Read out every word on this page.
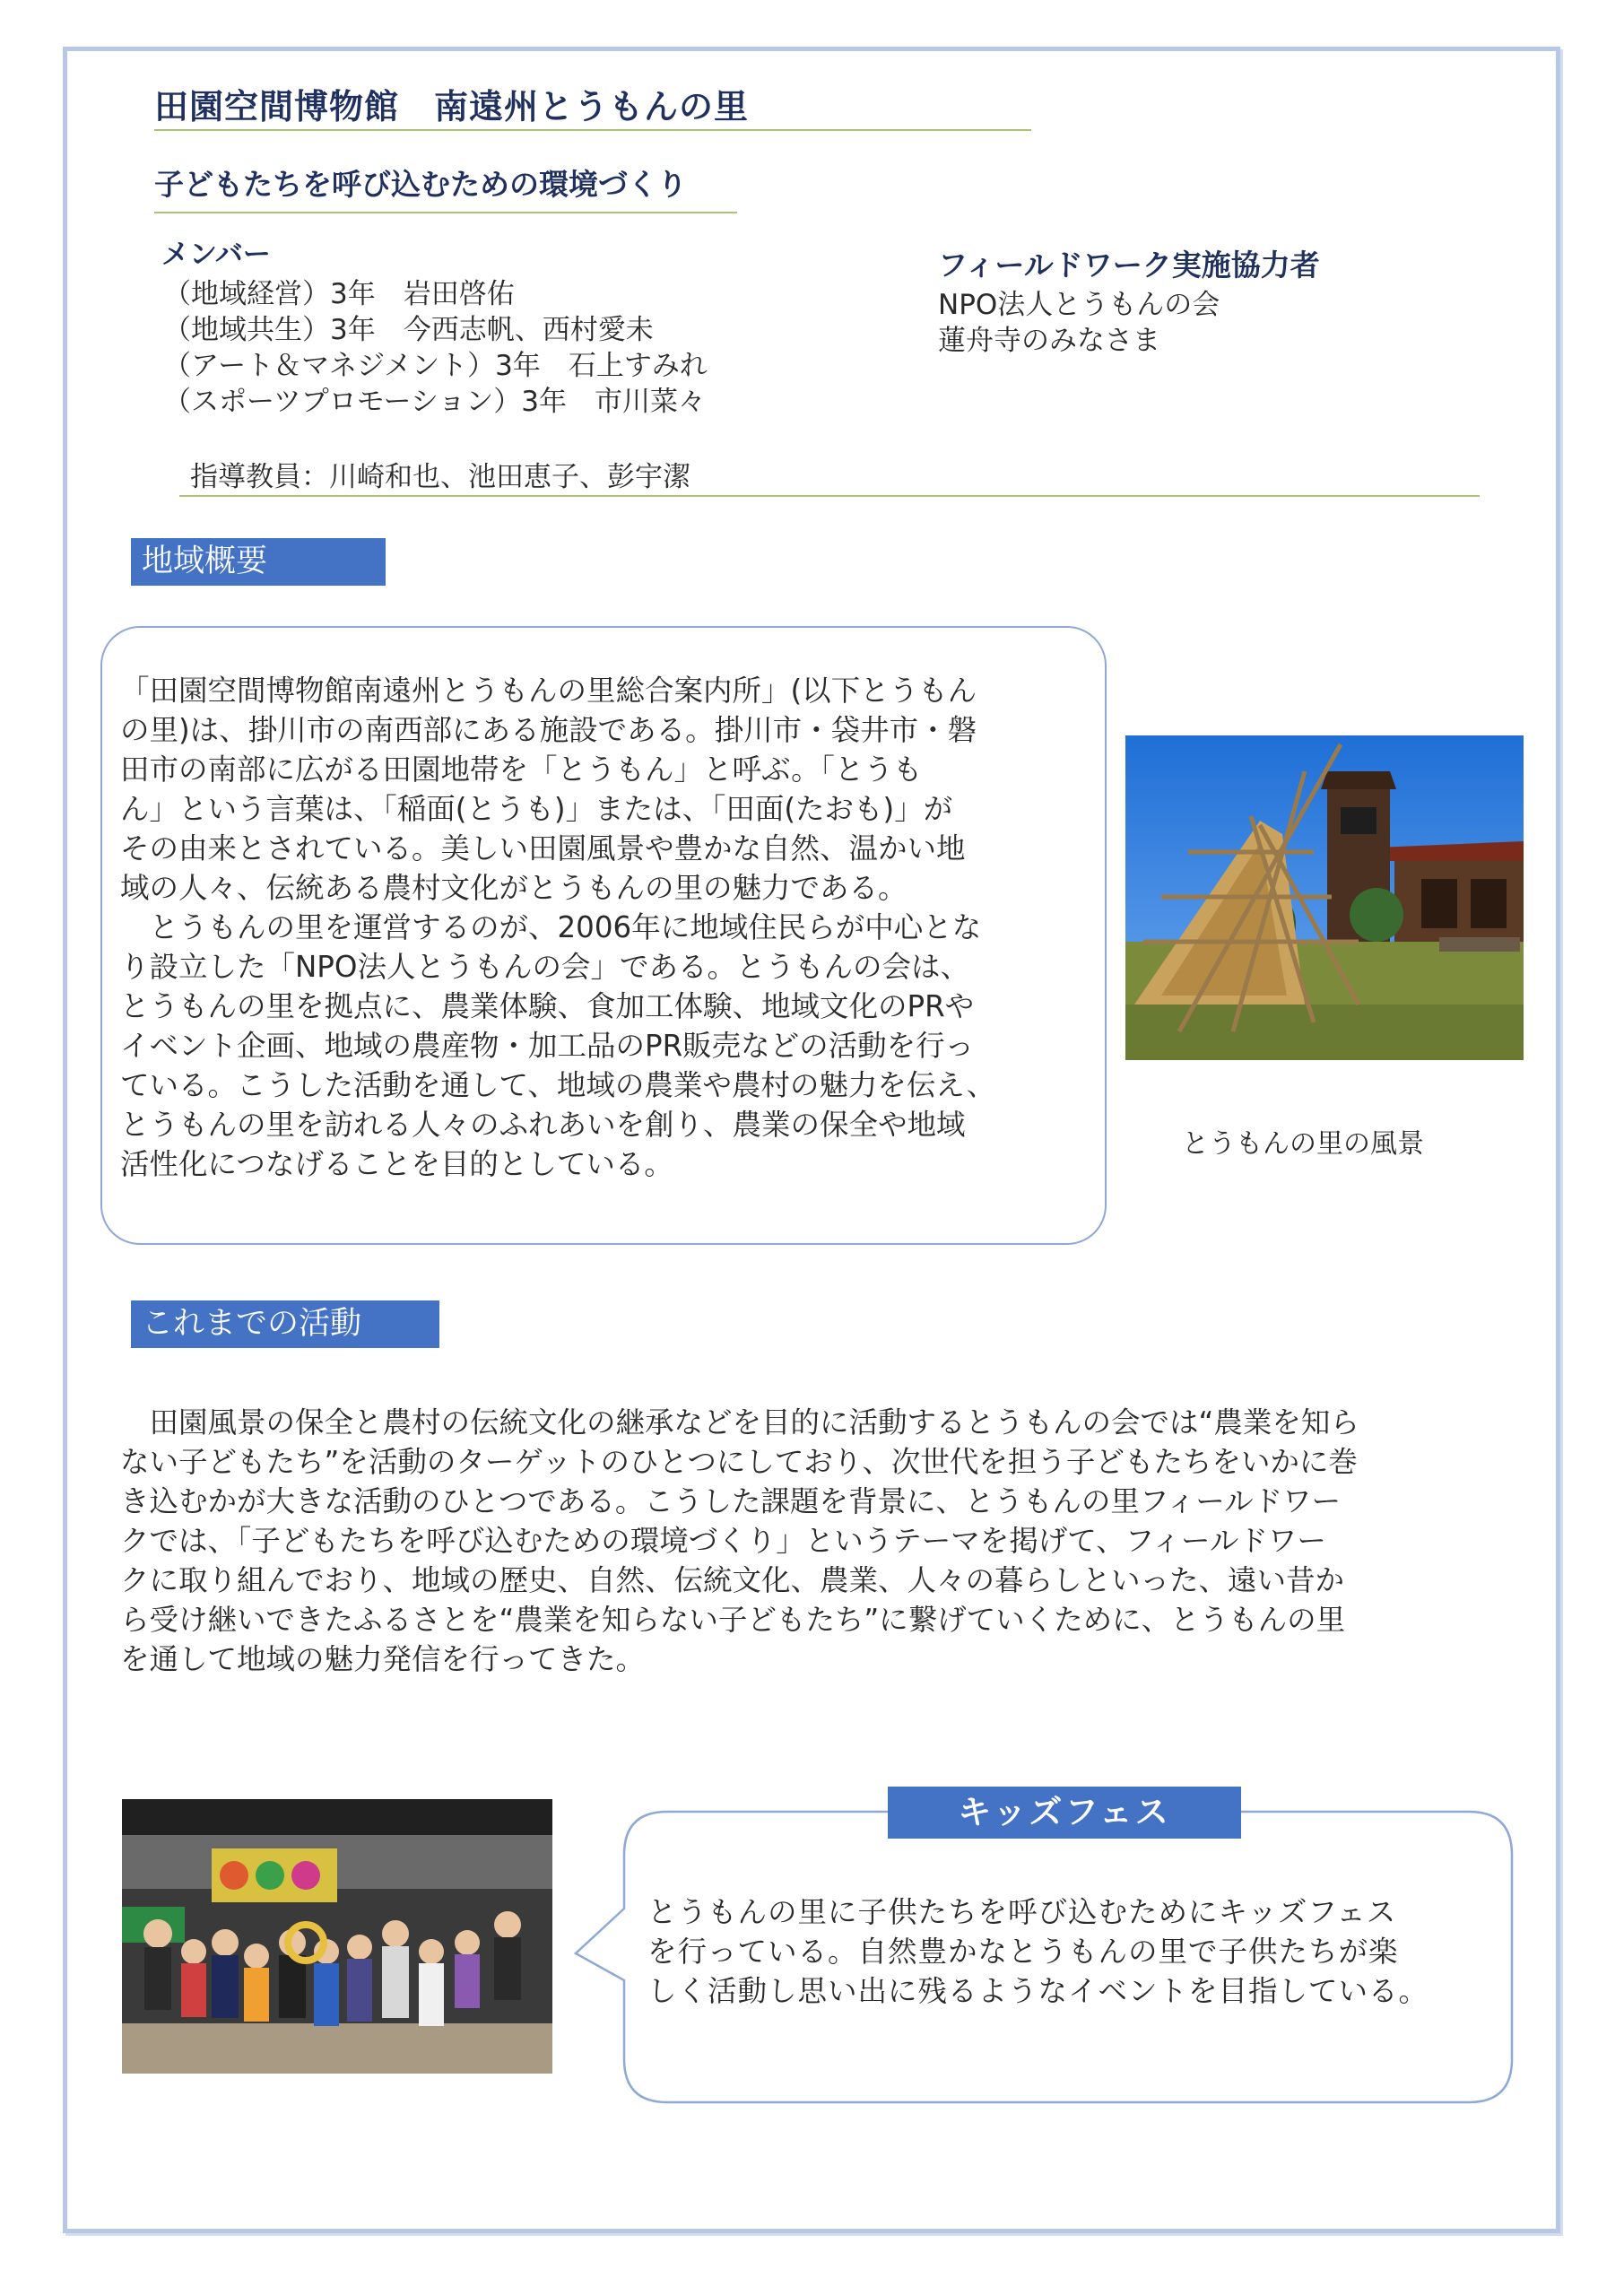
田園空間博物館　南遠州とうもんの里
子どもたちを呼び込むための環境づくり
メンバー
（地域経営）3年　岩田啓佑
（地域共生）3年　今西志帆、西村愛未
（アート＆マネジメント）3年　石上すみれ
（スポーツプロモーション）3年　市川菜々
指導教員：川崎和也、池田恵子、彭宇潔
フィールドワーク実施協力者
NPO法人とうもんの会
蓮舟寺のみなさま
地域概要

「田園空間博物館南遠州とうもんの里総合案内所」(以下とうもん

の里)は、掛川市の南西部にある施設である。掛川市・袋井市・磐

田市の南部に広がる田園地帯を「とうもん」と呼ぶ。「とうも

ん」という言葉は、「稲面(とうも)」または、「田面(たおも)」が

その由来とされている。美しい田園風景や豊かな自然、温かい地

域の人々、伝統ある農村文化がとうもんの里の魅力である。

　とうもんの里を運営するのが、2006年に地域住民らが中心とな

り設立した「NPO法人とうもんの会」である。とうもんの会は、

とうもんの里を拠点に、農業体験、食加工体験、地域文化のPRや

イベント企画、地域の農産物・加工品のPR販売などの活動を行っ

ている。こうした活動を通して、地域の農業や農村の魅力を伝え、

とうもんの里を訪れる人々のふれあいを創り、農業の保全や地域

活性化につなげることを目的としている。

とうもんの里の風景
これまでの活動

　田園風景の保全と農村の伝統文化の継承などを目的に活動するとうもんの会では“農業を知ら

ない子どもたち”を活動のターゲットのひとつにしており、次世代を担う子どもたちをいかに巻

き込むかが大きな活動のひとつである。こうした課題を背景に、とうもんの里フィールドワー

クでは、「子どもたちを呼び込むための環境づくり」というテーマを掲げて、フィールドワー

クに取り組んでおり、地域の歴史、自然、伝統文化、農業、人々の暮らしといった、遠い昔か

ら受け継いできたふるさとを“農業を知らない子どもたち”に繋げていくために、とうもんの里

を通して地域の魅力発信を行ってきた。

キッズフェス

とうもんの里に子供たちを呼び込むためにキッズフェス

を行っている。自然豊かなとうもんの里で子供たちが楽

しく活動し思い出に残るようなイベントを目指している。
